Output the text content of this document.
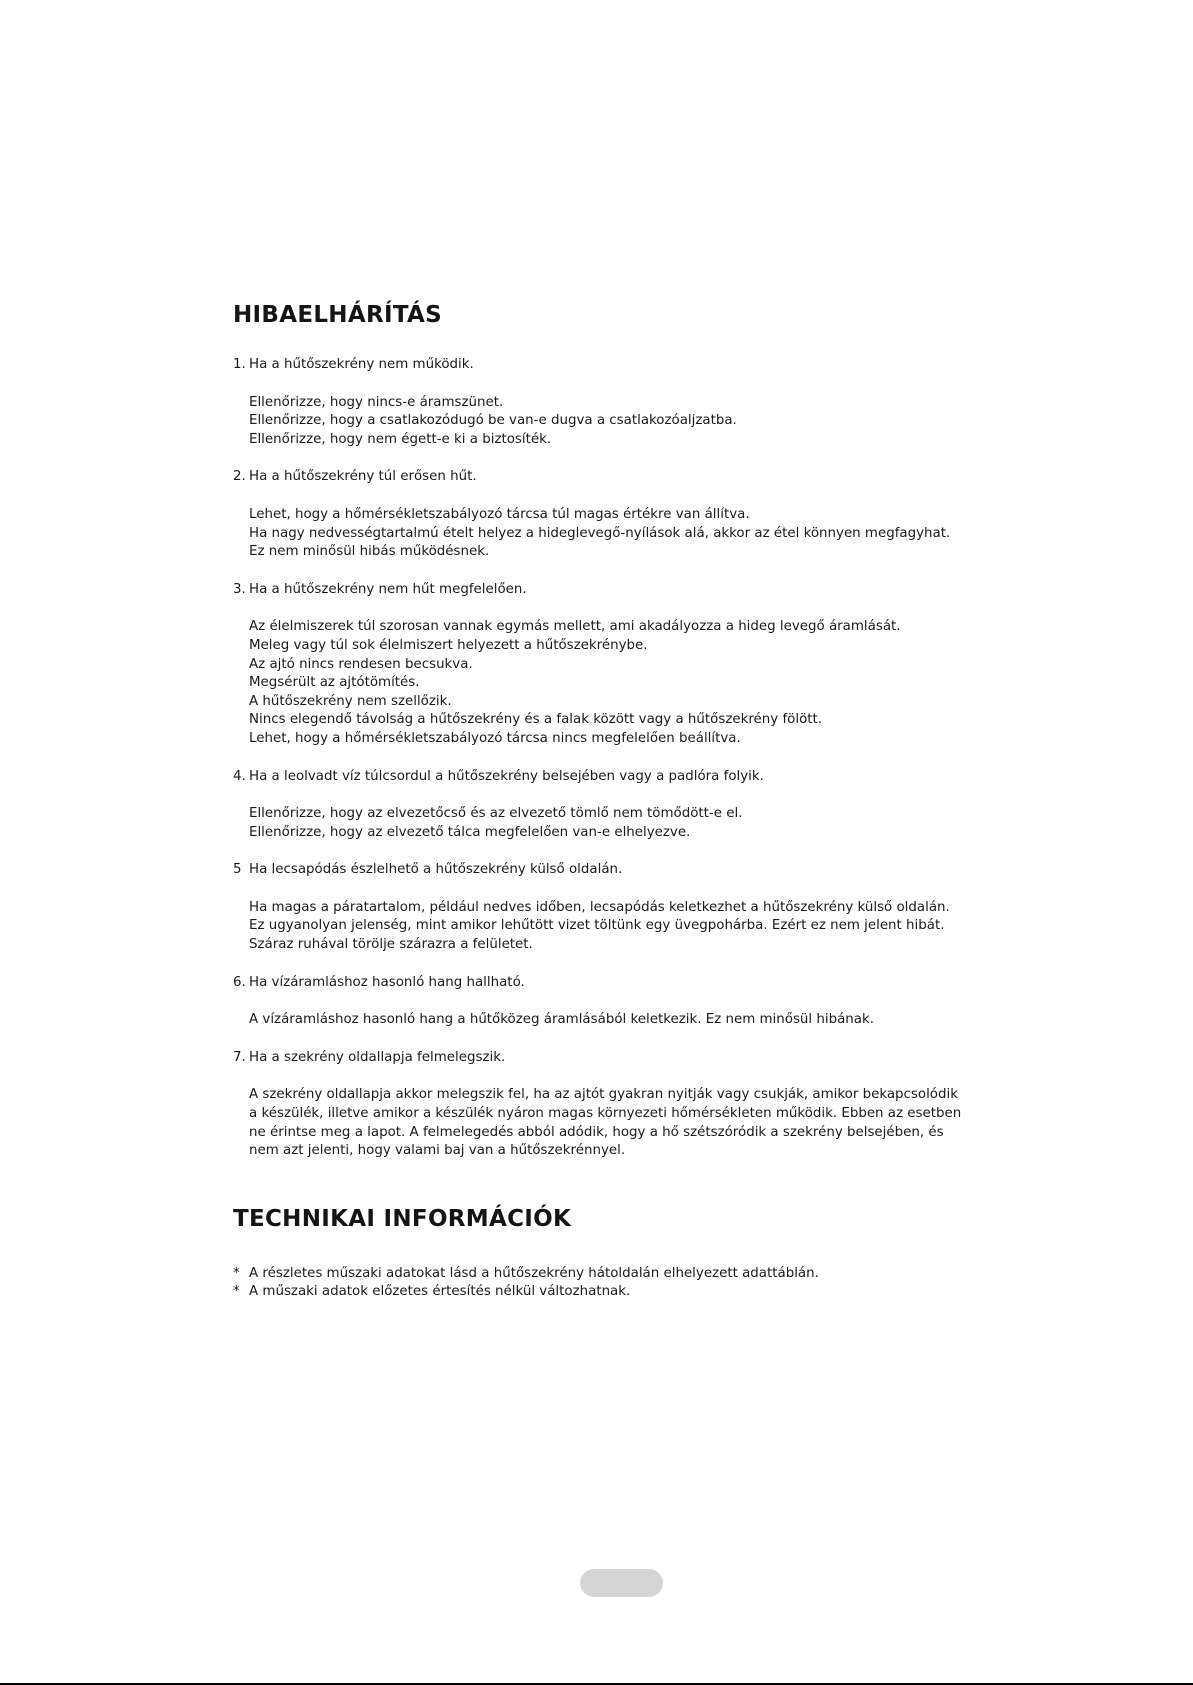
HIBAELHÁRÍTÁS
1. Ha a hűtőszekrény nem működik.
Ellenőrizze, hogy nincs-e áramszünet.
Ellenőrizze, hogy a csatlakozódugó be van-e dugva a csatlakozóaljzatba.
Ellenőrizze, hogy nem égett-e ki a biztosíték.
2. Ha a hűtőszekrény túl erősen hűt.
Lehet, hogy a hőmérsékletszabályozó tárcsa túl magas értékre van állítva.
Ha nagy nedvességtartalmú ételt helyez a hideglevegő-nyílások alá, akkor az étel könnyen megfagyhat.
Ez nem minősül hibás működésnek.
3. Ha a hűtőszekrény nem hűt megfelelően.
Az élelmiszerek túl szorosan vannak egymás mellett, ami akadályozza a hideg levegő áramlását.
Meleg vagy túl sok élelmiszert helyezett a hűtőszekrénybe.
Az ajtó nincs rendesen becsukva.
Megsérült az ajtótömítés.
A hűtőszekrény nem szellőzik.
Nincs elegendő távolság a hűtőszekrény és a falak között vagy a hűtőszekrény fölött.
Lehet, hogy a hőmérsékletszabályozó tárcsa nincs megfelelően beállítva.
4. Ha a leolvadt víz túlcsordul a hűtőszekrény belsejében vagy a padlóra folyik.
Ellenőrizze, hogy az elvezetőcső és az elvezető tömlő nem tömődött-e el.
Ellenőrizze, hogy az elvezető tálca megfelelően van-e elhelyezve.
5 Ha lecsapódás észlelhető a hűtőszekrény külső oldalán.
Ha magas a páratartalom, például nedves időben, lecsapódás keletkezhet a hűtőszekrény külső oldalán.
Ez ugyanolyan jelenség, mint amikor lehűtött vizet töltünk egy üvegpohárba. Ezért ez nem jelent hibát.
Száraz ruhával törölje szárazra a felületet.
6. Ha vízáramláshoz hasonló hang hallható.
A vízáramláshoz hasonló hang a hűtőközeg áramlásából keletkezik. Ez nem minősül hibának.
7. Ha a szekrény oldallapja felmelegszik.
A szekrény oldallapja akkor melegszik fel, ha az ajtót gyakran nyitják vagy csukják, amikor bekapcsolódik a készülék, illetve amikor a készülék nyáron magas környezeti hőmérsékleten működik. Ebben az esetben ne érintse meg a lapot. A felmelegedés abból adódik, hogy a hő szétszóródik a szekrény belsejében, és nem azt jelenti, hogy valami baj van a hűtőszekrénnyel.
TECHNIKAI INFORMÁCIÓK
* A részletes műszaki adatokat lásd a hűtőszekrény hátoldalán elhelyezett adattáblán.
* A műszaki adatok előzetes értesítés nélkül változhatnak.
